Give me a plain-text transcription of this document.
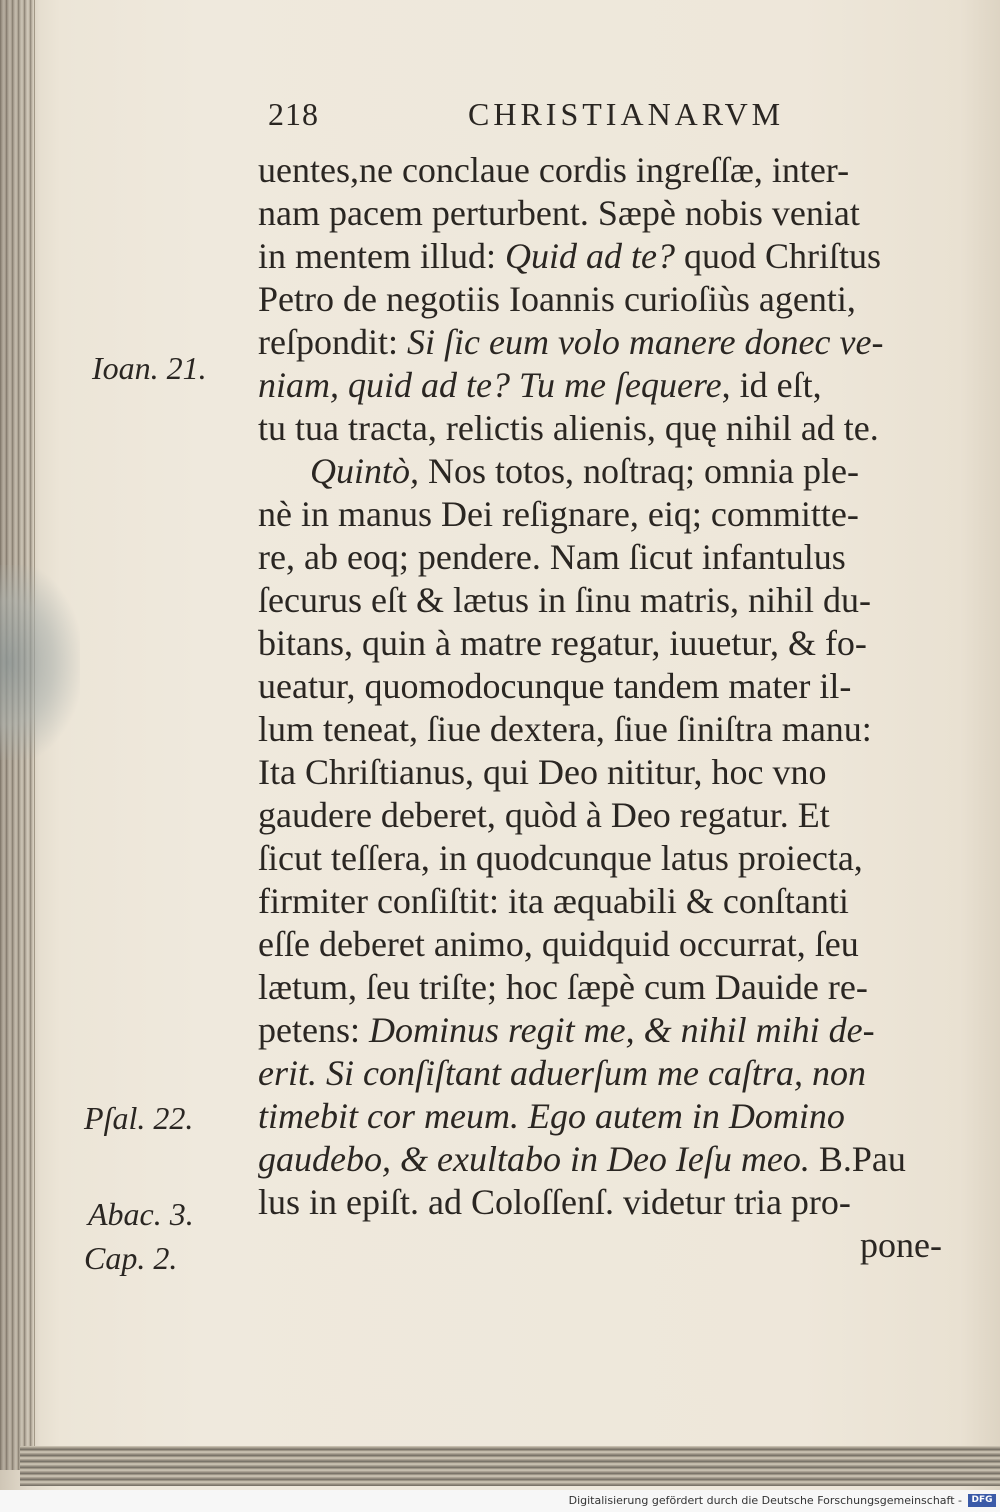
218	CHRISTIANARVM
uentes,ne conclaue cordis ingreſſæ, inter-
nam pacem perturbent. Sæpè nobis veniat
in mentem illud: Quid ad te? quod Chriſtus
Petro de negotiis Ioannis curioſiùs agenti,
reſpondit: Si ſic eum volo manere donec ve-
niam, quid ad te? Tu me ſequere, id eſt,
tu tua tracta, relictis alienis, quę nihil ad te.
Quintò, Nos totos, noſtraq; omnia ple-
nè in manus Dei reſignare, eiq; committe-
re, ab eoq; pendere. Nam ſicut infantulus
ſecurus eſt & lætus in ſinu matris, nihil du-
bitans, quin à matre regatur, iuuetur, & fo-
ueatur, quomodocunque tandem mater il-
lum teneat, ſiue dextera, ſiue ſiniſtra manu:
Ita Chriſtianus, qui Deo nititur, hoc vno
gaudere deberet, quòd à Deo regatur. Et
ſicut teſſera, in quodcunque latus proiecta,
firmiter conſiſtit: ita æquabili & conſtanti
eſſe deberet animo, quidquid occurrat, ſeu
lætum, ſeu triſte; hoc ſæpè cum Dauide re-
petens: Dominus regit me, & nihil mihi de-
erit. Si conſiſtant aduerſum me caſtra, non
timebit cor meum. Ego autem in Domino
gaudebo, & exultabo in Deo Ieſu meo. B.Pau
lus in epiſt. ad Coloſſenſ. videtur tria pro-
pone-
Ioan. 21.
Pſal. 22.
Abac. 3.
Cap. 2.
Digitalisierung gefördert durch die Deutsche Forschungsgemeinschaft -	DFG
